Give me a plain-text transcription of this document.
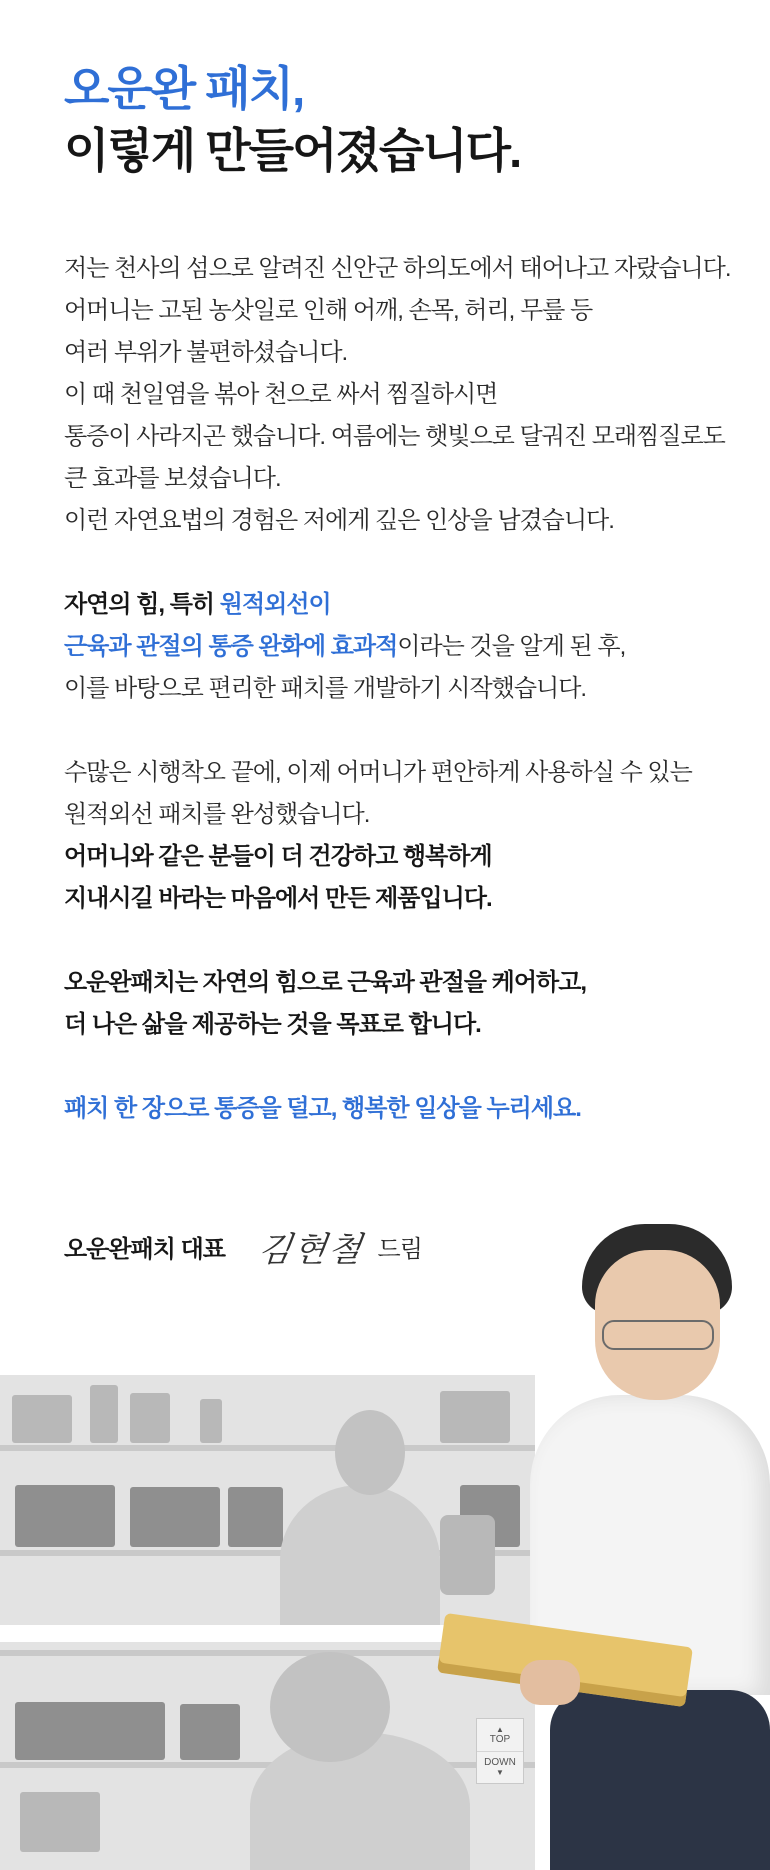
오운완 패치,
이렇게 만들어졌습니다.
저는 천사의 섬으로 알려진 신안군 하의도에서 태어나고 자랐습니다.
어머니는 고된 농삿일로 인해 어깨, 손목, 허리, 무릎 등
여러 부위가 불편하셨습니다.
이 때 천일염을 볶아 천으로 싸서 찜질하시면
통증이 사라지곤 했습니다. 여름에는 햇빛으로 달궈진 모래찜질로도
큰 효과를 보셨습니다.
이런 자연요법의 경험은 저에게 깊은 인상을 남겼습니다.
자연의 힘, 특히 원적외선이
근육과 관절의 통증 완화에 효과적이라는 것을 알게 된 후,
이를 바탕으로 편리한 패치를 개발하기 시작했습니다.
수많은 시행착오 끝에, 이제 어머니가 편안하게 사용하실 수 있는
원적외선 패치를 완성했습니다.
어머니와 같은 분들이 더 건강하고 행복하게
지내시길 바라는 마음에서 만든 제품입니다.
오운완패치는 자연의 힘으로 근육과 관절을 케어하고,
더 나은 삶을 제공하는 것을 목표로 합니다.
패치 한 장으로 통증을 덜고, 행복한 일상을 누리세요.
오운완패치 대표 김현철 드림
▲
TOP
DOWN
▼
